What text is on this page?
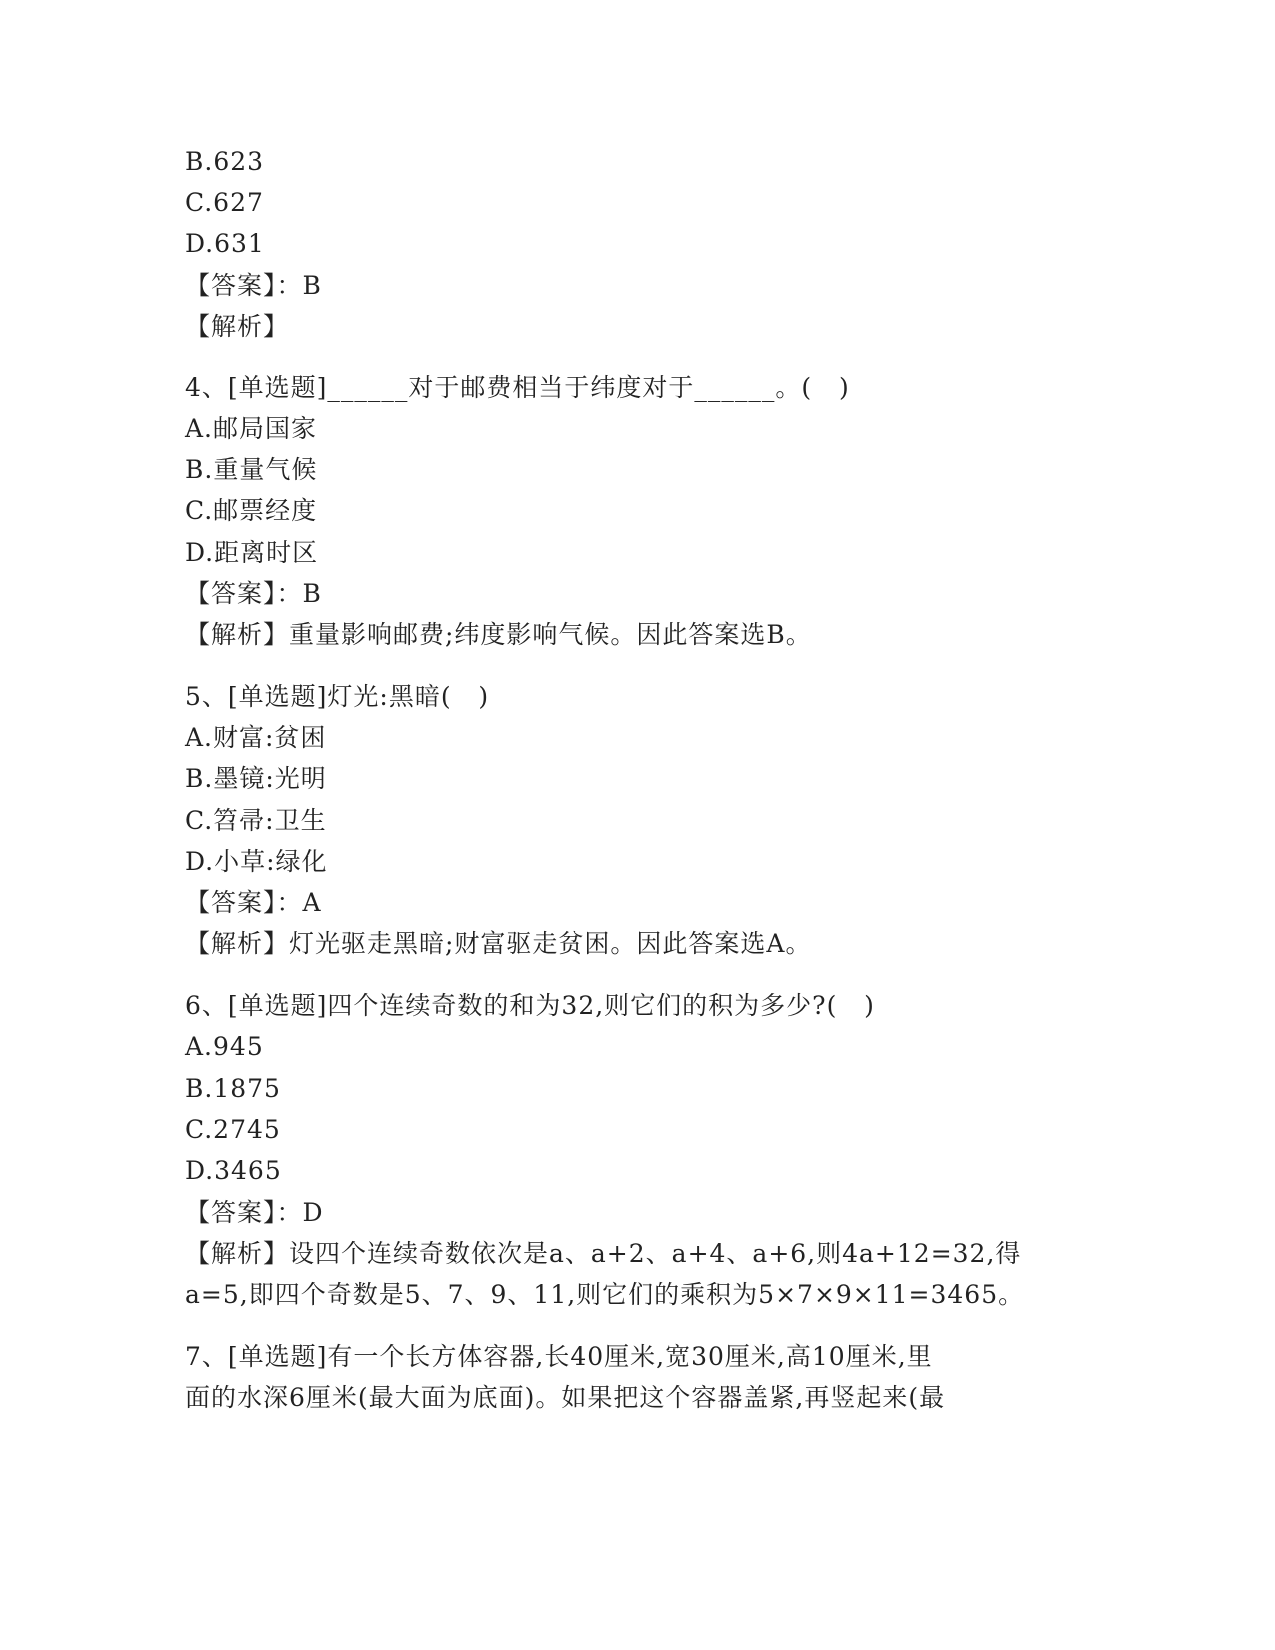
B.623
C.627
D.631
【答案】：B
【解析】
4、[单选题]______对于邮费相当于纬度对于______。(   )
A.邮局国家
B.重量气候
C.邮票经度
D.距离时区
【答案】：B
【解析】重量影响邮费;纬度影响气候。因此答案选B。
5、[单选题]灯光:黑暗(   )
A.财富:贫困
B.墨镜:光明
C.笤帚:卫生
D.小草:绿化
【答案】：A
【解析】灯光驱走黑暗;财富驱走贫困。因此答案选A。
6、[单选题]四个连续奇数的和为32,则它们的积为多少?(   )
A.945
B.1875
C.2745
D.3465
【答案】：D
【解析】设四个连续奇数依次是a、a+2、a+4、a+6,则4a+12=32,得
a=5,即四个奇数是5、7、9、11,则它们的乘积为5×7×9×11=3465。
7、[单选题]有一个长方体容器,长40厘米,宽30厘米,高10厘米,里
面的水深6厘米(最大面为底面)。如果把这个容器盖紧,再竖起来(最
